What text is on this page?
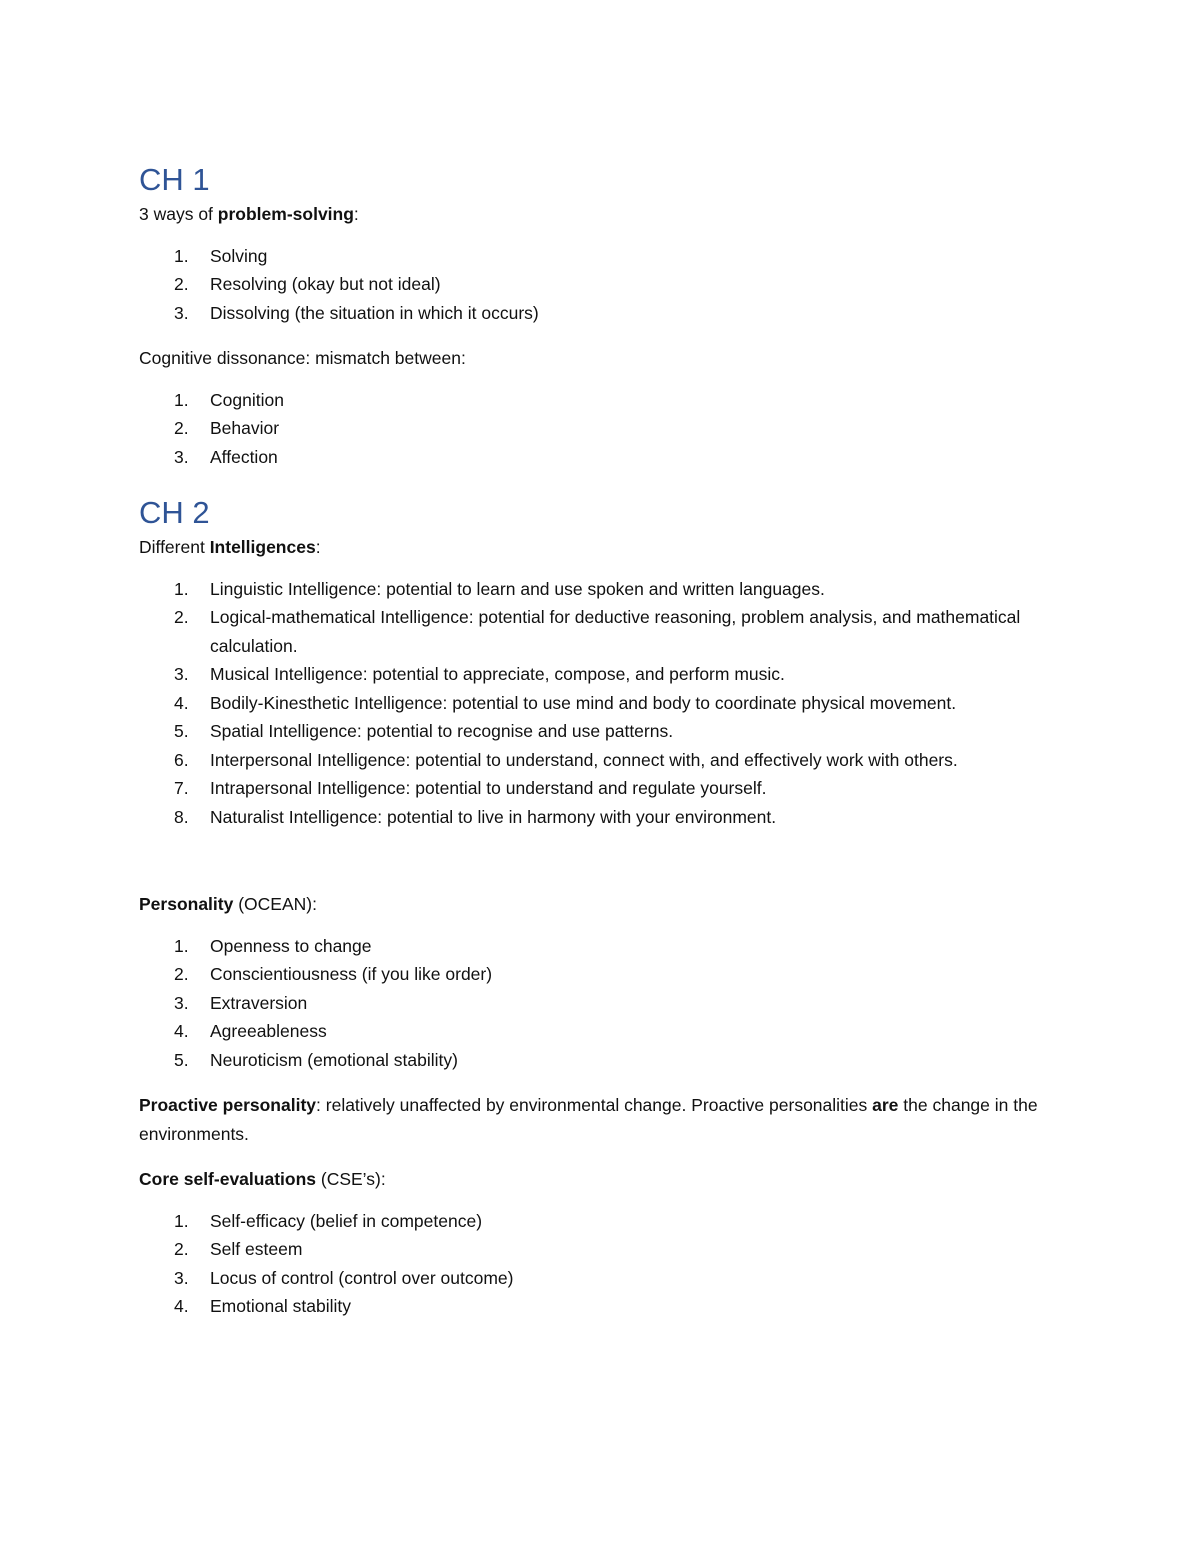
CH 1

3 ways of problem-solving:

1. Solving
2. Resolving (okay but not ideal)
3. Dissolving (the situation in which it occurs)

Cognitive dissonance: mismatch between:

1. Cognition
2. Behavior
3. Affection
CH 2

Different Intelligences:

1. Linguistic Intelligence: potential to learn and use spoken and written languages.
2. Logical-mathematical Intelligence: potential for deductive reasoning, problem analysis, and mathematical calculation.
3. Musical Intelligence: potential to appreciate, compose, and perform music.
4. Bodily-Kinesthetic Intelligence: potential to use mind and body to coordinate physical movement.
5. Spatial Intelligence: potential to recognise and use patterns.
6. Interpersonal Intelligence: potential to understand, connect with, and effectively work with others.
7. Intrapersonal Intelligence: potential to understand and regulate yourself.
8. Naturalist Intelligence: potential to live in harmony with your environment.

Personality (OCEAN):

1. Openness to change
2. Conscientiousness (if you like order)
3. Extraversion
4. Agreeableness
5. Neuroticism (emotional stability)

Proactive personality: relatively unaffected by environmental change. Proactive personalities are the change in the environments.

Core self-evaluations (CSE’s):

1. Self-efficacy (belief in competence)
2. Self esteem
3. Locus of control (control over outcome)
4. Emotional stability
